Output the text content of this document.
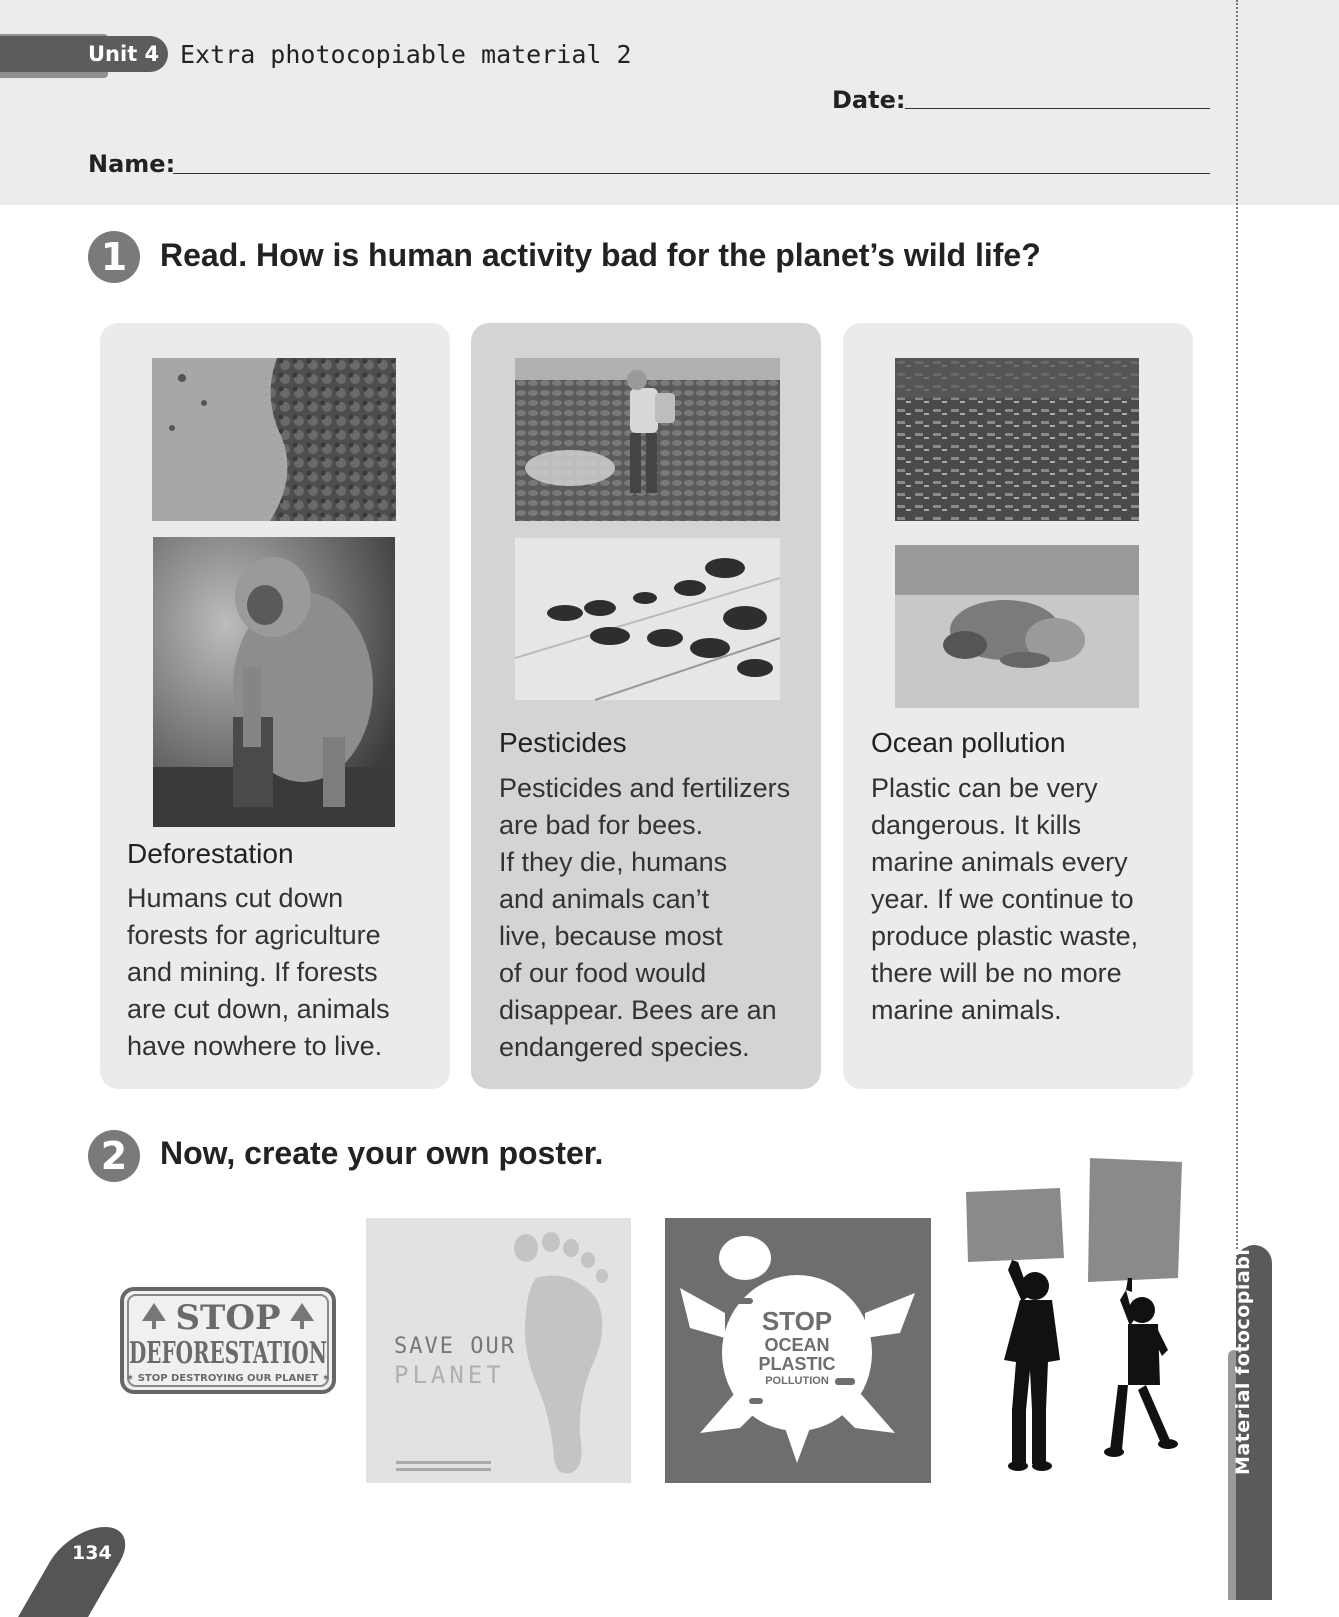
Unit 4 Extra photocopiable material 2
Date:
Name:
1	Read. How is human activity bad for the planet’s wild life?
Deforestation
Humans cut down
forests for agriculture
and mining. If forests
are cut down, animals
have nowhere to live.
Pesticides
Pesticides and fertilizers
are bad for bees.
If they die, humans
and animals can’t
live, because most
of our food would
disappear. Bees are an
endangered species.
Ocean pollution
Plastic can be very
dangerous. It kills
marine animals every
year. If we continue to
produce plastic waste,
there will be no more
marine animals.
2	Now, create your own poster.
STOP
DEFORESTATION
✶ STOP DESTROYING OUR PLANET ✶
SAVE OUR
PLANET
STOP
OCEAN
PLASTIC
POLLUTION	Material fotocopiable
134
